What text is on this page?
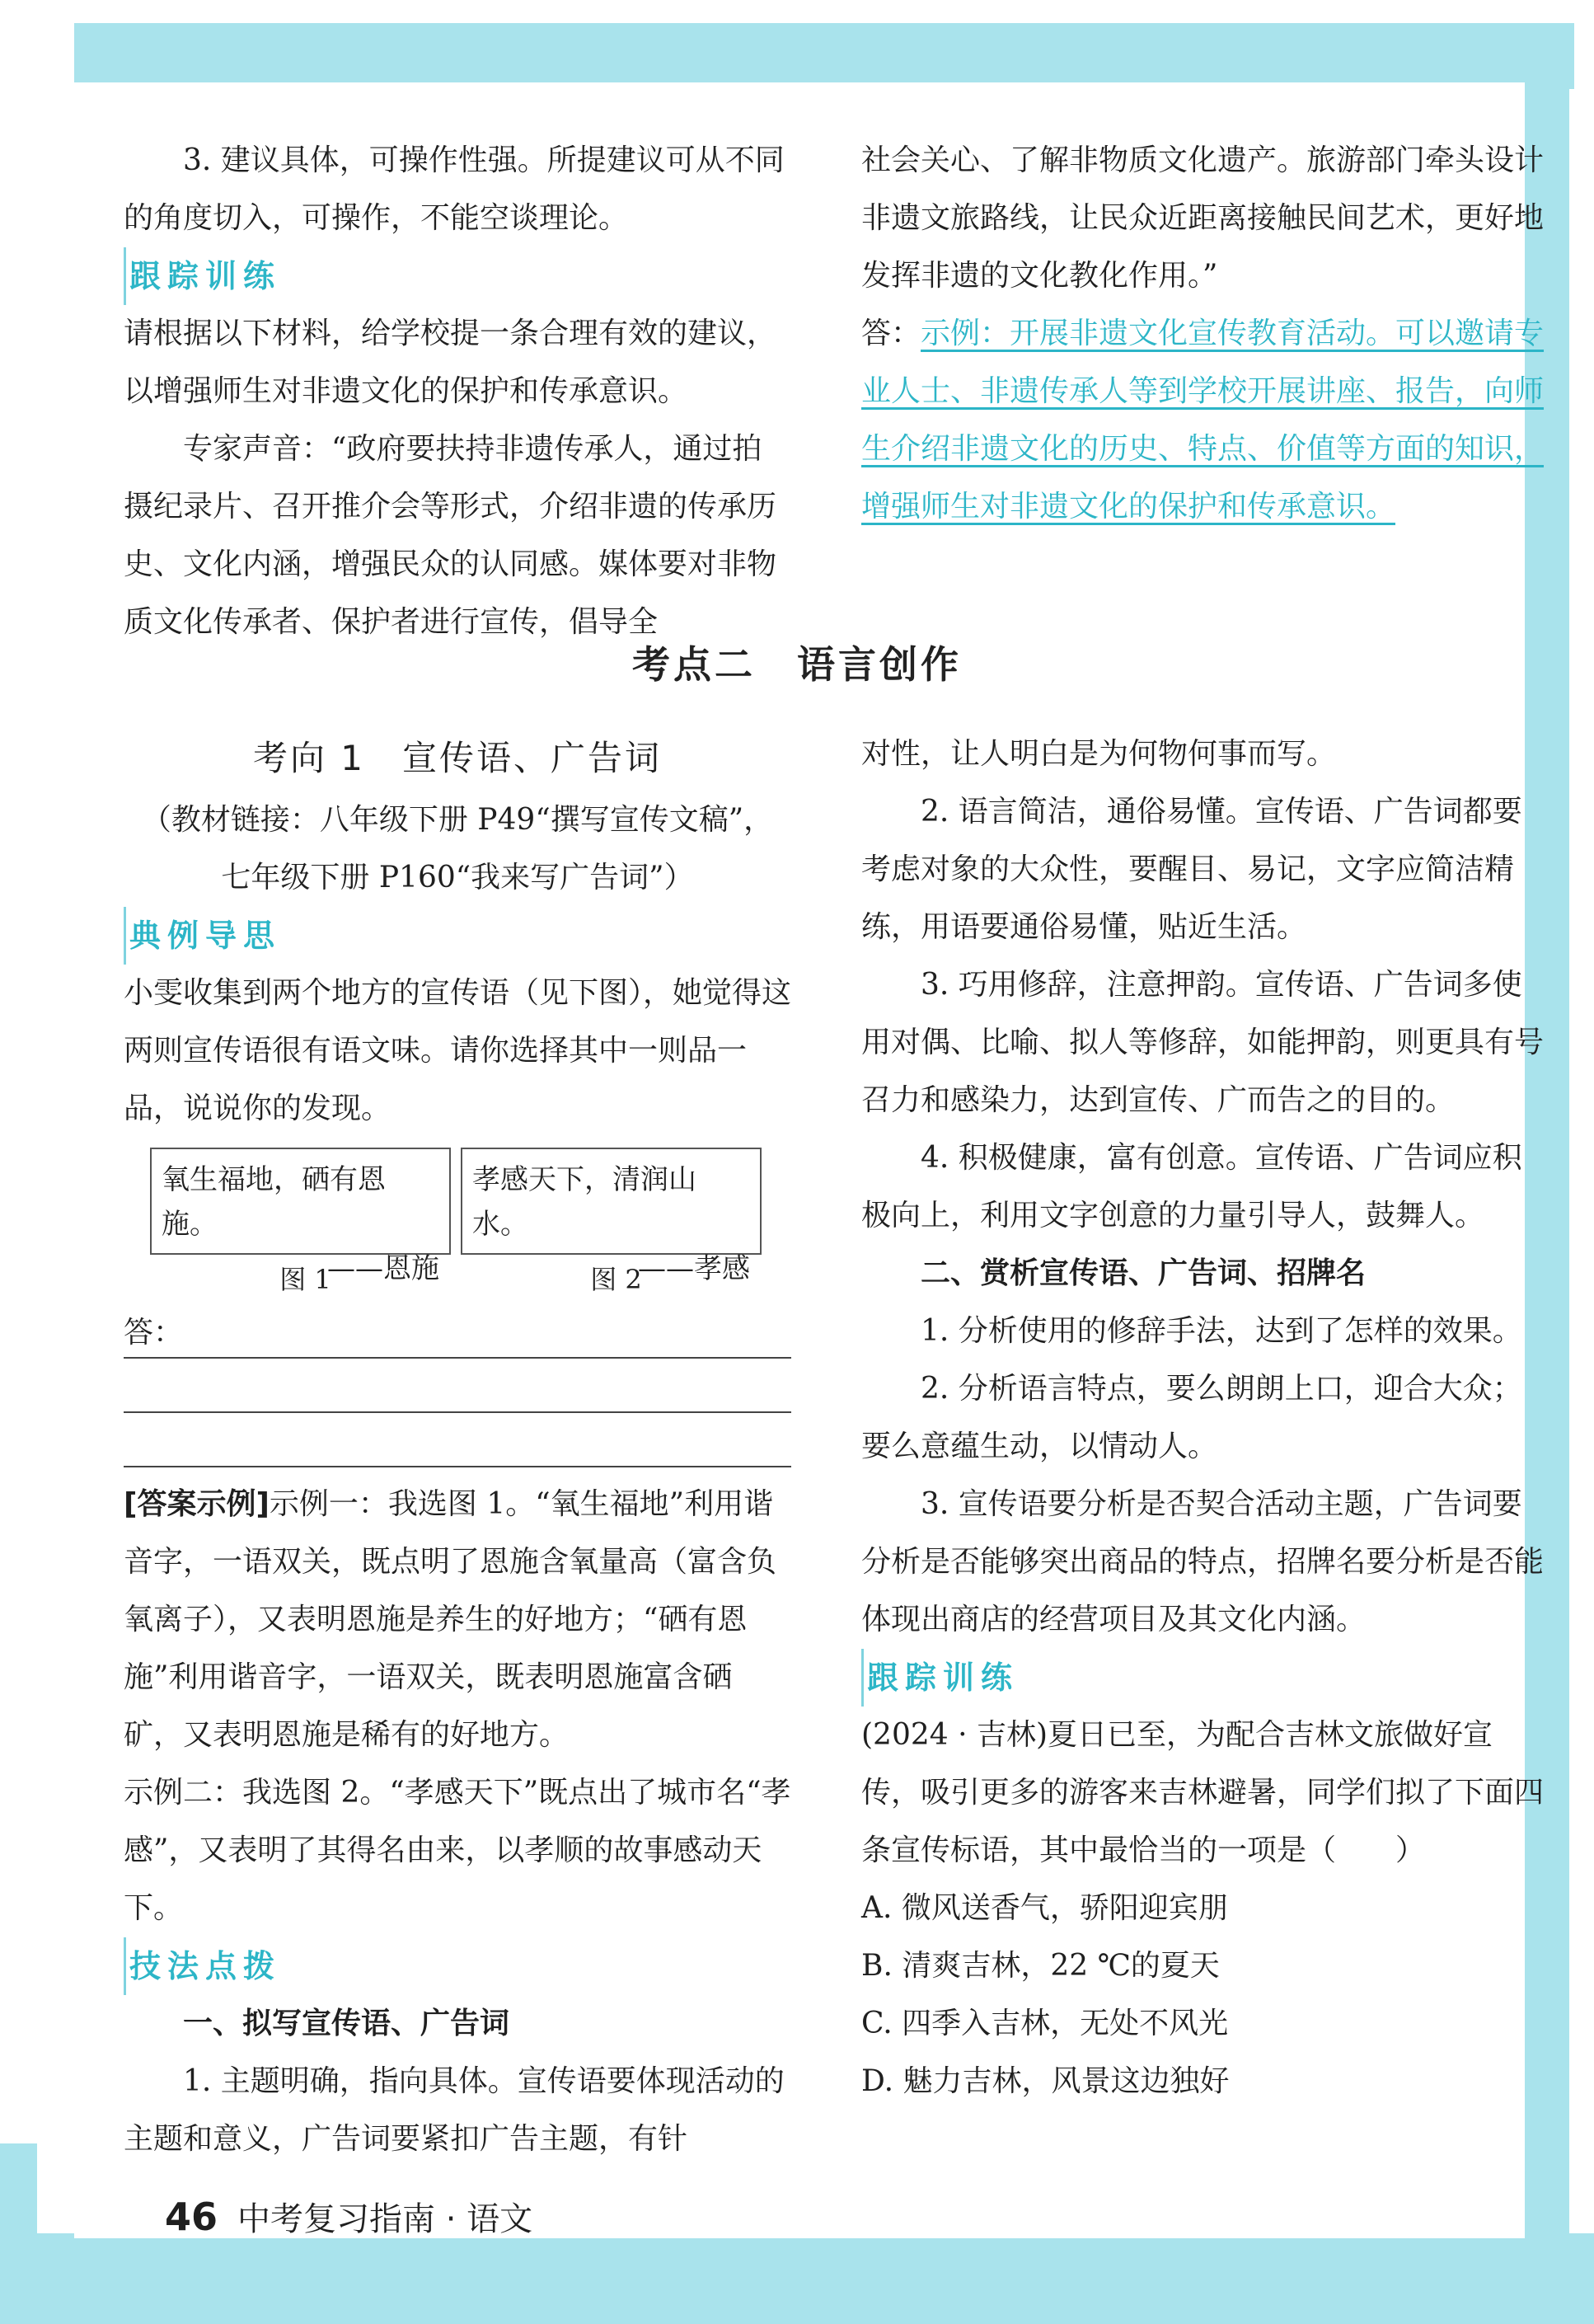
3. 建议具体，可操作性强。所提建议可从不同的角度切入，可操作，不能空谈理论。

跟踪训练

请根据以下材料，给学校提一条合理有效的建议，以增强师生对非遗文化的保护和传承意识。

专家声音：“政府要扶持非遗传承人，通过拍摄纪录片、召开推介会等形式，介绍非遗的传承历史、文化内涵，增强民众的认同感。媒体要对非物质文化传承者、保护者进行宣传，倡导全

社会关心、了解非物质文化遗产。旅游部门牵头设计非遗文旅路线，让民众近距离接触民间艺术，更好地发挥非遗的文化教化作用。”

答：示例：开展非遗文化宣传教育活动。可以邀请专业人士、非遗传承人等到学校开展讲座、报告，向师生介绍非遗文化的历史、特点、价值等方面的知识，增强师生对非遗文化的保护和传承意识。

考点二　语言创作

考向 1　宣传语、广告词

（教材链接：八年级下册 P49“撰写宣传文稿”，

七年级下册 P160“我来写广告词”）

典例导思

小雯收集到两个地方的宣传语（见下图），她觉得这两则宣传语很有语文味。请你选择其中一则品一品，说说你的发现。

氧生福地，硒有恩施。
——恩施
孝感天下，清润山水。
——孝感
图 1	图 2
答：

[答案示例]示例一：我选图 1。“氧生福地”利用谐音字，一语双关，既点明了恩施含氧量高（富含负氧离子），又表明恩施是养生的好地方；“硒有恩施”利用谐音字，一语双关，既表明恩施富含硒矿，又表明恩施是稀有的好地方。

示例二：我选图 2。“孝感天下”既点出了城市名“孝感”，又表明了其得名由来，以孝顺的故事感动天下。

技法点拨

一、拟写宣传语、广告词

1. 主题明确，指向具体。宣传语要体现活动的主题和意义，广告词要紧扣广告主题，有针

对性，让人明白是为何物何事而写。

2. 语言简洁，通俗易懂。宣传语、广告词都要考虑对象的大众性，要醒目、易记，文字应简洁精练，用语要通俗易懂，贴近生活。

3. 巧用修辞，注意押韵。宣传语、广告词多使用对偶、比喻、拟人等修辞，如能押韵，则更具有号召力和感染力，达到宣传、广而告之的目的。

4. 积极健康，富有创意。宣传语、广告词应积极向上，利用文字创意的力量引导人，鼓舞人。

二、赏析宣传语、广告词、招牌名

1. 分析使用的修辞手法，达到了怎样的效果。

2. 分析语言特点，要么朗朗上口，迎合大众；要么意蕴生动，以情动人。

3. 宣传语要分析是否契合活动主题，广告词要分析是否能够突出商品的特点，招牌名要分析是否能体现出商店的经营项目及其文化内涵。

跟踪训练

(2024 · 吉林)夏日已至，为配合吉林文旅做好宣传，吸引更多的游客来吉林避暑，同学们拟了下面四条宣传标语，其中最恰当的一项是（　　）

A. 微风送香气，骄阳迎宾朋

B. 清爽吉林，22 ℃的夏天

C. 四季入吉林，无处不风光

D. 魅力吉林，风景这边独好

46 中考复习指南 · 语文
